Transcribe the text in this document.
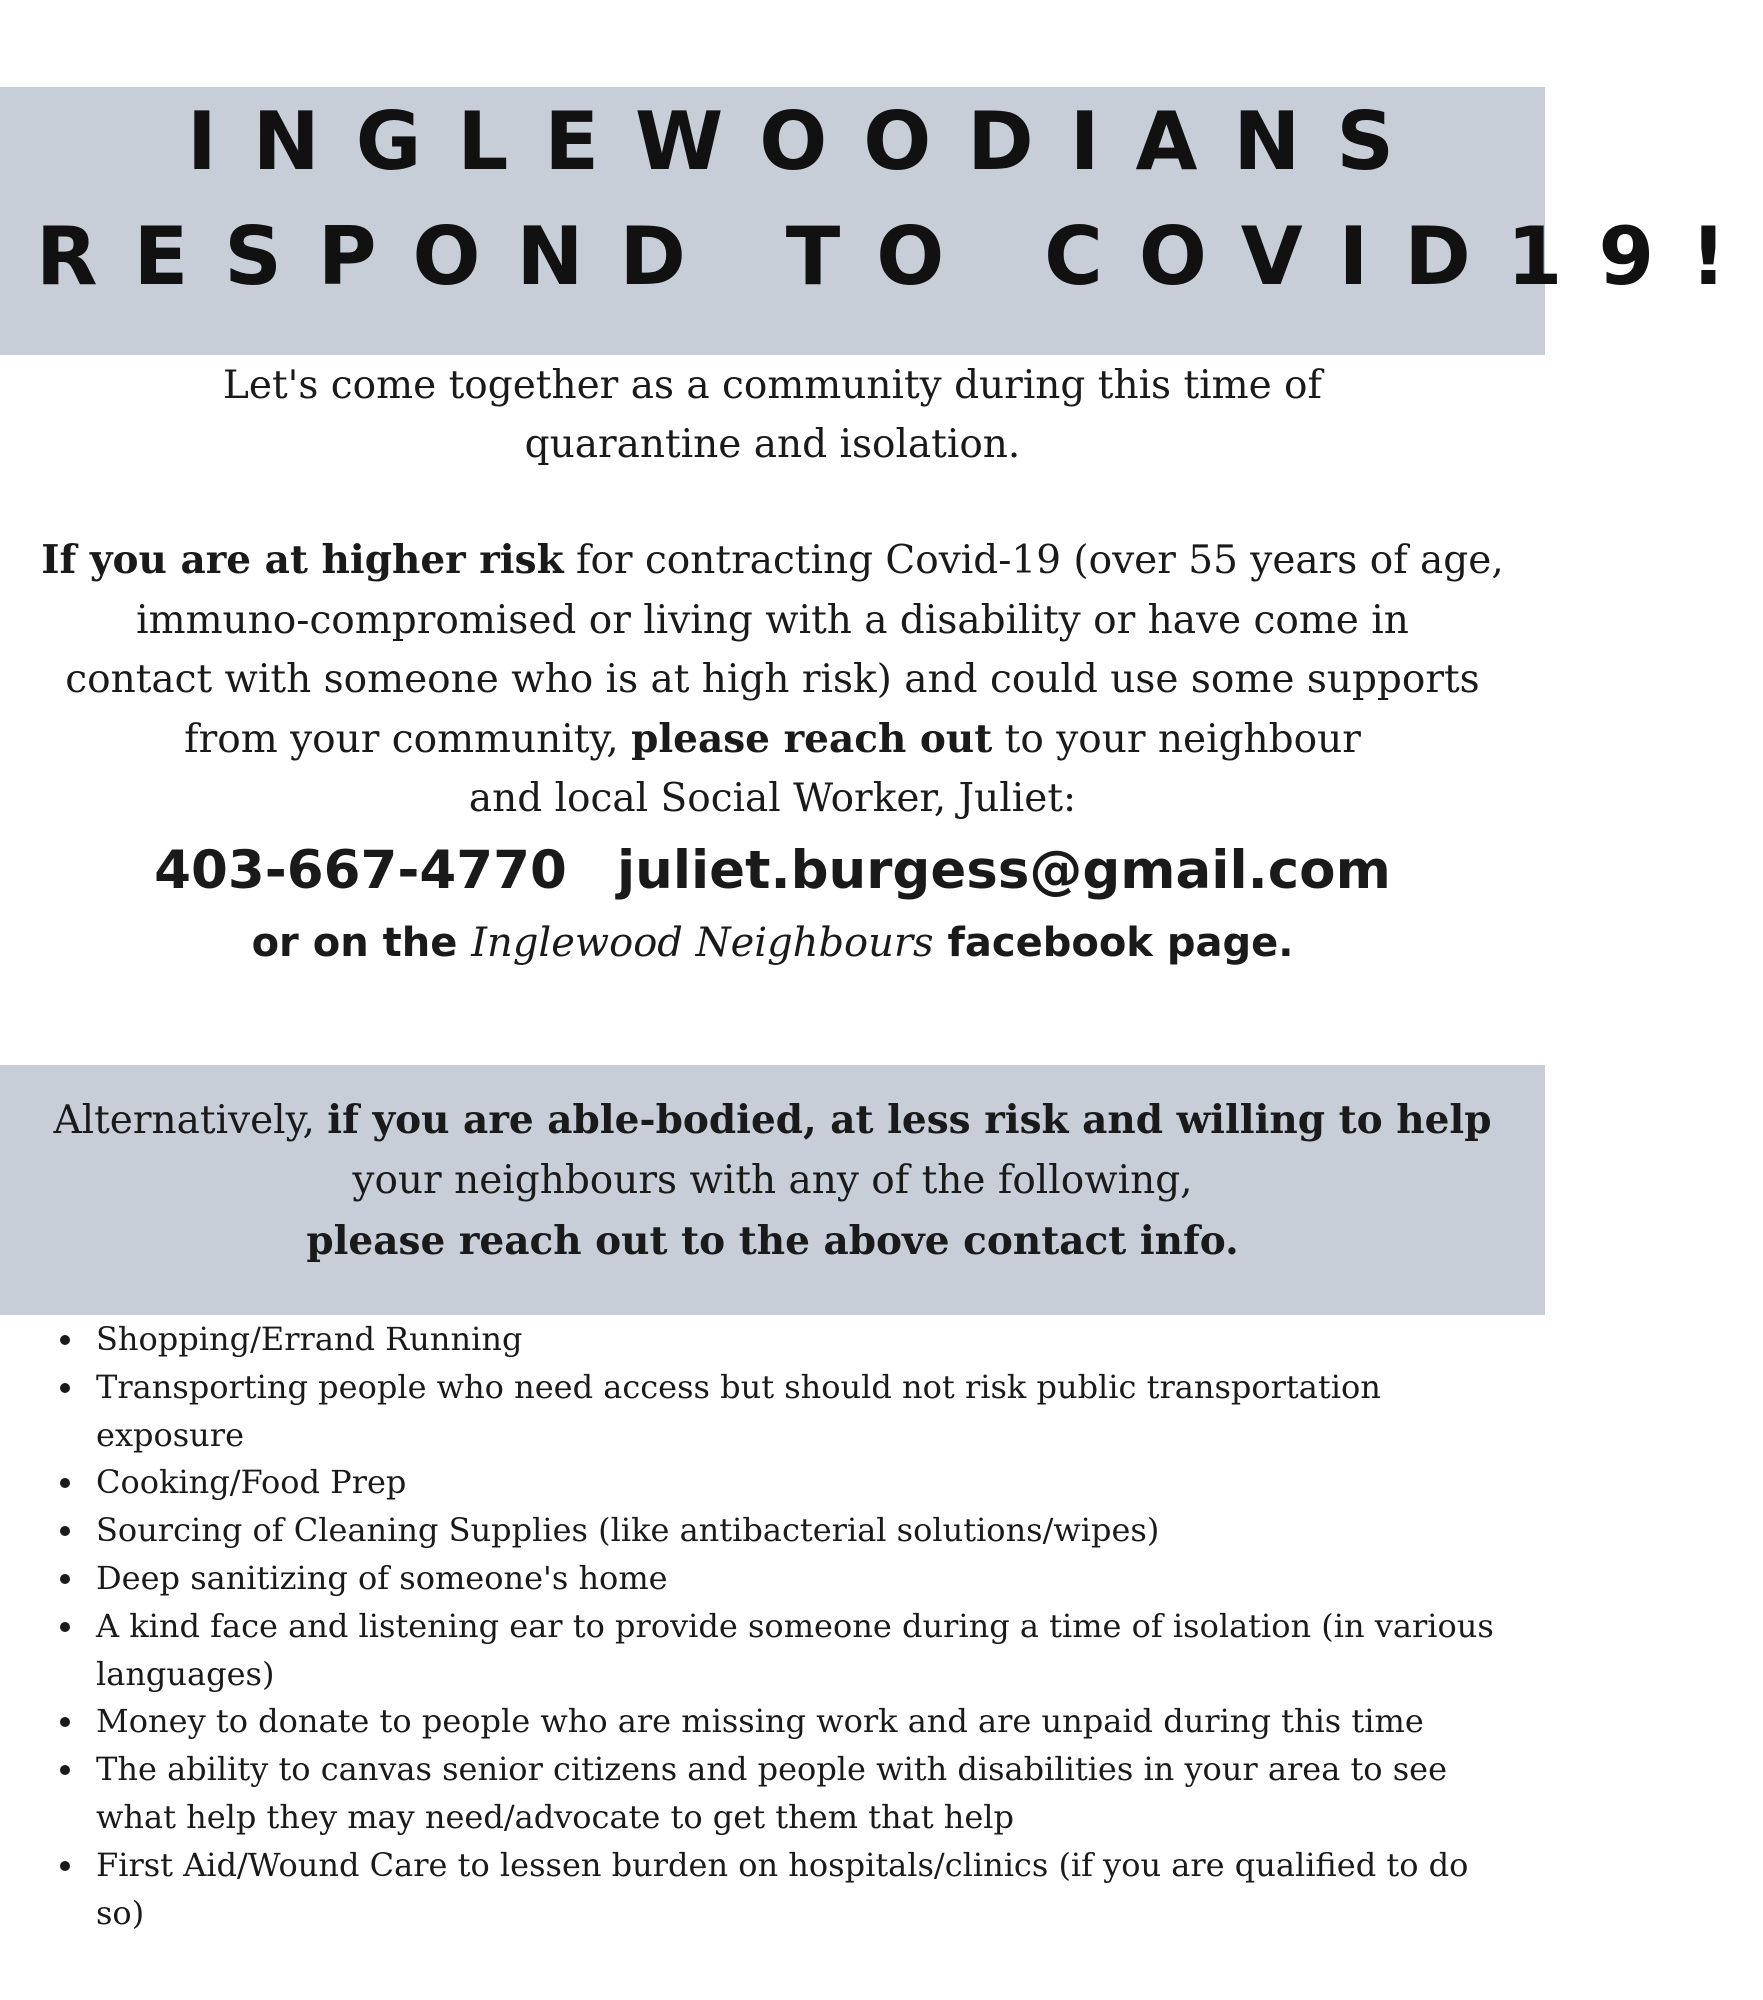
INGLEWOODIANS
RESPOND TO COVID19!

Let's come together as a community during this time of
quarantine and isolation.

If you are at higher risk for contracting Covid-19 (over 55 years of age,
immuno-compromised or living with a disability or have come in
contact with someone who is at high risk) and could use some supports
from your community, please reach out to your neighbour
and local Social Worker, Juliet:

403-667-4770 juliet.burgess@gmail.com
or on the Inglewood Neighbours facebook page.
Alternatively, if you are able-bodied, at less risk and willing to help
your neighbours with any of the following,
please reach out to the above contact info.
Shopping/Errand Running
Transporting people who need access but should not risk public transportation exposure
Cooking/Food Prep
Sourcing of Cleaning Supplies (like antibacterial solutions/wipes)
Deep sanitizing of someone's home
A kind face and listening ear to provide someone during a time of isolation (in various languages)
Money to donate to people who are missing work and are unpaid during this time
The ability to canvas senior citizens and people with disabilities in your area to see what help they may need/advocate to get them that help
First Aid/Wound Care to lessen burden on hospitals/clinics (if you are qualified to do so)
